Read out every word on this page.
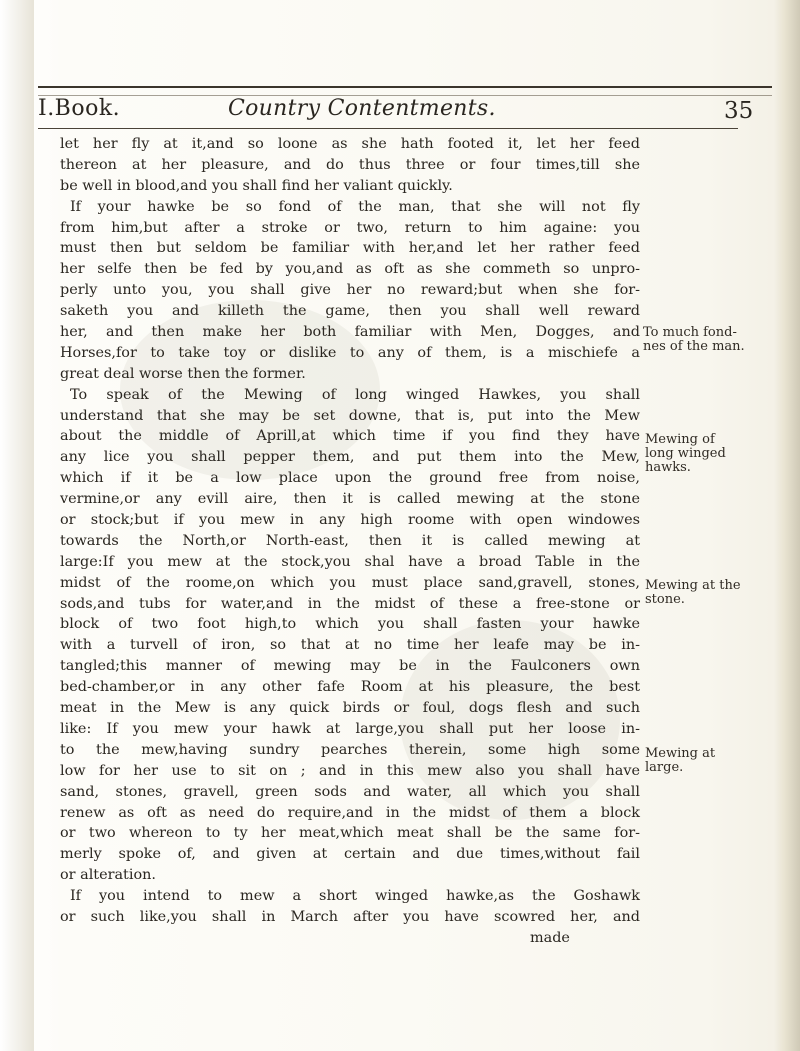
I.Book.	Country Contentments.	35
let her fly at it,and so loone as she hath footed it, let her feed
thereon at her pleasure, and do thus three or four times,till she
be well in blood,and you shall find her valiant quickly.
If your hawke be so fond of the man, that she will not fly
from him,but after a stroke or two, return to him againe: you
must then but seldom be familiar with her,and let her rather feed
her selfe then be fed by you,and as oft as she commeth so unpro-
perly unto you, you shall give her no reward;but when she for-
saketh you and killeth the game, then you shall well reward
her, and then make her both familiar with Men, Dogges, and
Horses,for to take toy or dislike to any of them, is a mischiefe a
great deal worse then the former.
To speak of the Mewing of long winged Hawkes, you shall
understand that she may be set downe, that is, put into the Mew
about the middle of Aprill,at which time if you find they have
any lice you shall pepper them, and put them into the Mew,
which if it be a low place upon the ground free from noise,
vermine,or any evill aire, then it is called mewing at the stone
or stock;but if you mew in any high roome with open windowes
towards the North,or North-east, then it is called mewing at
large:If you mew at the stock,you shal have a broad Table in the
midst of the roome,on which you must place sand,gravell, stones,
sods,and tubs for water,and in the midst of these a free-stone or
block of two foot high,to which you shall fasten your hawke
with a turvell of iron, so that at no time her leafe may be in-
tangled;this manner of mewing may be in the Faulconers own
bed-chamber,or in any other fafe Room at his pleasure, the best
meat in the Mew is any quick birds or foul, dogs flesh and such
like: If you mew your hawk at large,you shall put her loose in-
to the mew,having sundry pearches therein, some high some
low for her use to sit on ; and in this mew also you shall have
sand, stones, gravell, green sods and water, all which you shall
renew as oft as need do require,and in the midst of them a block
or two whereon to ty her meat,which meat shall be the same for-
merly spoke of, and given at certain and due times,without fail
or alteration.
If you intend to mew a short winged hawke,as the Goshawk
or such like,you shall in March after you have scowred her, and
made
To much fond-
nes of the man.
Mewing of
long winged
hawks.
Mewing at the
stone.
Mewing at
large.
